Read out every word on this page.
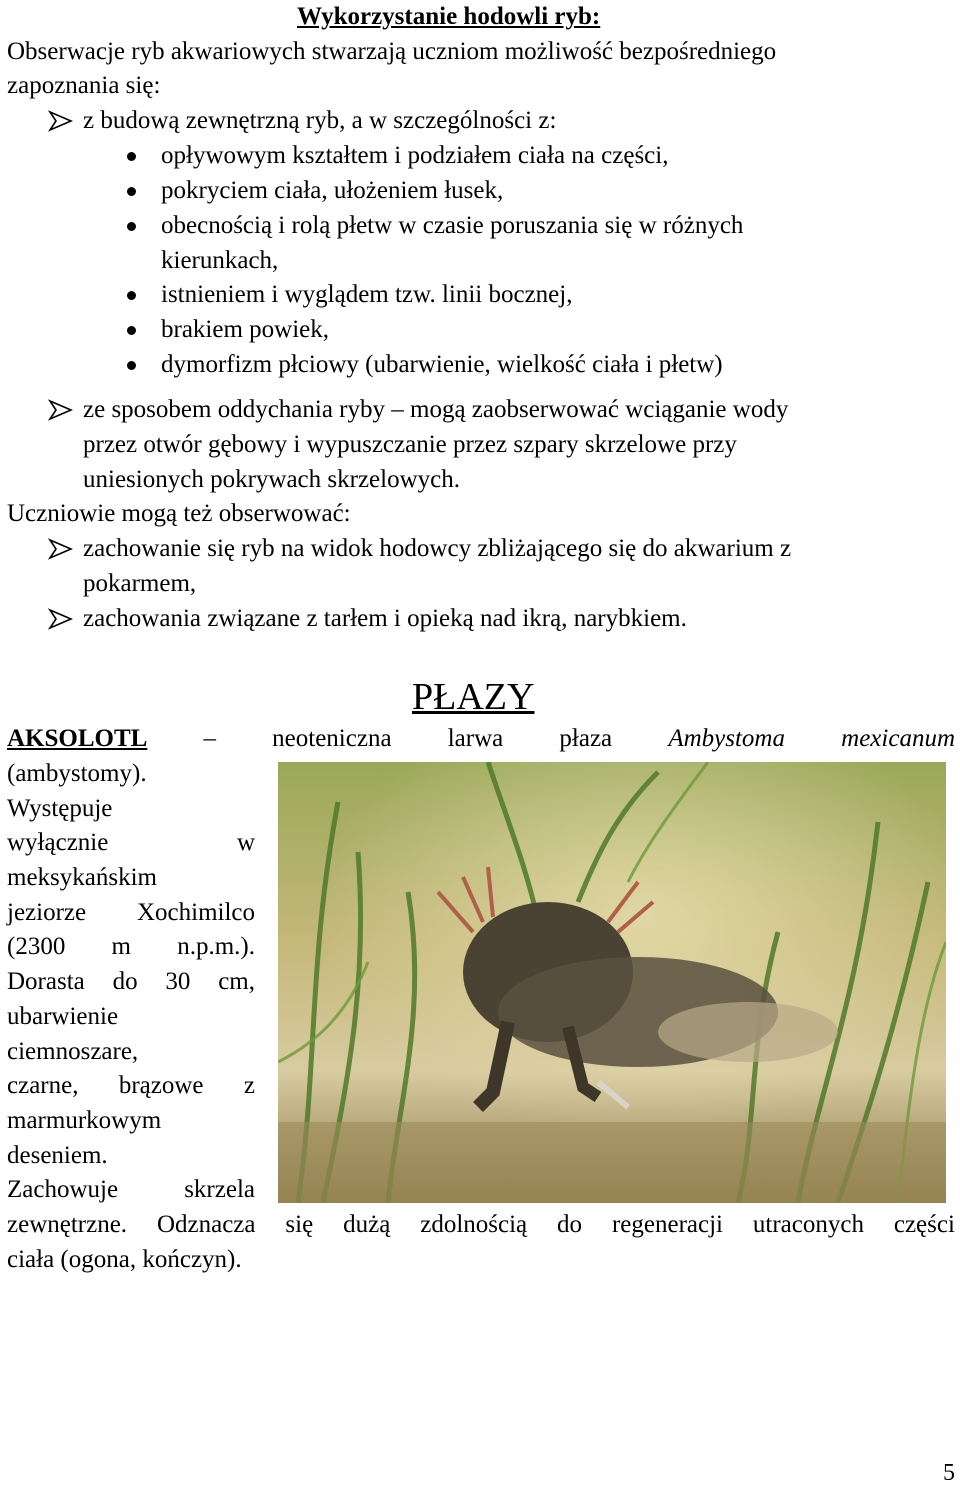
Wykorzystanie hodowli ryb:
Obserwacje ryb akwariowych stwarzają uczniom możliwość bezpośredniego
zapoznania się:
z budową zewnętrzną ryb, a w szczególności z:
opływowym kształtem i podziałem ciała na części,
pokryciem ciała, ułożeniem łusek,
obecnością i rolą płetw w czasie poruszania się w różnych
kierunkach,
istnieniem i wyglądem tzw. linii bocznej,
brakiem powiek,
dymorfizm płciowy (ubarwienie, wielkość ciała i płetw)
ze sposobem oddychania ryby – mogą zaobserwować wciąganie wody
przez otwór gębowy i wypuszczanie przez szpary skrzelowe przy
uniesionych pokrywach skrzelowych.
Uczniowie mogą też obserwować:
zachowanie się ryb na widok hodowcy zbliżającego się do akwarium z
pokarmem,
zachowania związane z tarłem i opieką nad ikrą, narybkiem.
PŁAZY
AKSOLOTL – neoteniczna larwa płaza Ambystoma mexicanum
(ambystomy).
Występuje
wyłącznie	w
meksykańskim
jeziorze Xochimilco
(2300 m n.p.m.).
Dorasta do 30 cm,
ubarwienie
ciemnoszare,
czarne, brązowe z
marmurkowym
deseniem.
Zachowuje	skrzela
zewnętrzne. Odznacza się dużą zdolnością do regeneracji utraconych części
ciała (ogona, kończyn).
5
